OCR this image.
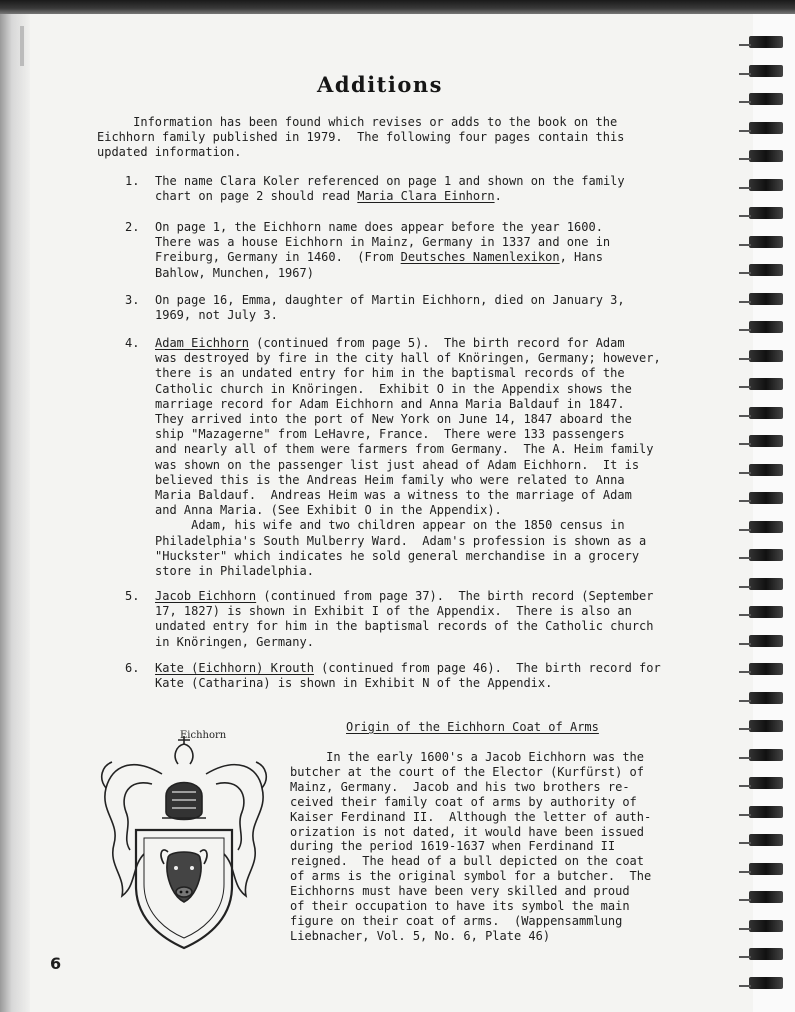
Additions

Information has been found which revises or adds to the book on the
Eichhorn family published in 1979.  The following four pages contain this
updated information.

1. The name Clara Koler referenced on page 1 and shown on the family
chart on page 2 should read Maria Clara Einhorn.

2. On page 1, the Eichhorn name does appear before the year 1600.
There was a house Eichhorn in Mainz, Germany in 1337 and one in
Freiburg, Germany in 1460.  (From Deutsches Namenlexikon, Hans
Bahlow, Munchen, 1967)

3. On page 16, Emma, daughter of Martin Eichhorn, died on January 3,
1969, not July 3.

4. Adam Eichhorn (continued from page 5).  The birth record for Adam
was destroyed by fire in the city hall of Knöringen, Germany; however,
there is an undated entry for him in the baptismal records of the
Catholic church in Knöringen.  Exhibit O in the Appendix shows the
marriage record for Adam Eichhorn and Anna Maria Baldauf in 1847.
They arrived into the port of New York on June 14, 1847 aboard the
ship "Mazagerne" from LeHavre, France.  There were 133 passengers
and nearly all of them were farmers from Germany.  The A. Heim family
was shown on the passenger list just ahead of Adam Eichhorn.  It is
believed this is the Andreas Heim family who were related to Anna
Maria Baldauf.  Andreas Heim was a witness to the marriage of Adam
and Anna Maria. (See Exhibit O in the Appendix).
Adam, his wife and two children appear on the 1850 census in
Philadelphia's South Mulberry Ward.  Adam's profession is shown as a
"Huckster" which indicates he sold general merchandise in a grocery
store in Philadelphia.

5. Jacob Eichhorn (continued from page 37).  The birth record (September
17, 1827) is shown in Exhibit I of the Appendix.  There is also an
undated entry for him in the baptismal records of the Catholic church
in Knöringen, Germany.

6. Kate (Eichhorn) Krouth (continued from page 46).  The birth record for
Kate (Catharina) is shown in Exhibit N of the Appendix.

Eichhorn
Origin of the Eichhorn Coat of Arms

In the early 1600's a Jacob Eichhorn was the
butcher at the court of the Elector (Kurfürst) of
Mainz, Germany.  Jacob and his two brothers re-
ceived their family coat of arms by authority of
Kaiser Ferdinand II.  Although the letter of auth-
orization is not dated, it would have been issued
during the period 1619-1637 when Ferdinand II
reigned.  The head of a bull depicted on the coat
of arms is the original symbol for a butcher.  The
Eichhorns must have been very skilled and proud
of their occupation to have its symbol the main
figure on their coat of arms.  (Wappensammlung
Liebnacher, Vol. 5, No. 6, Plate 46)

6
